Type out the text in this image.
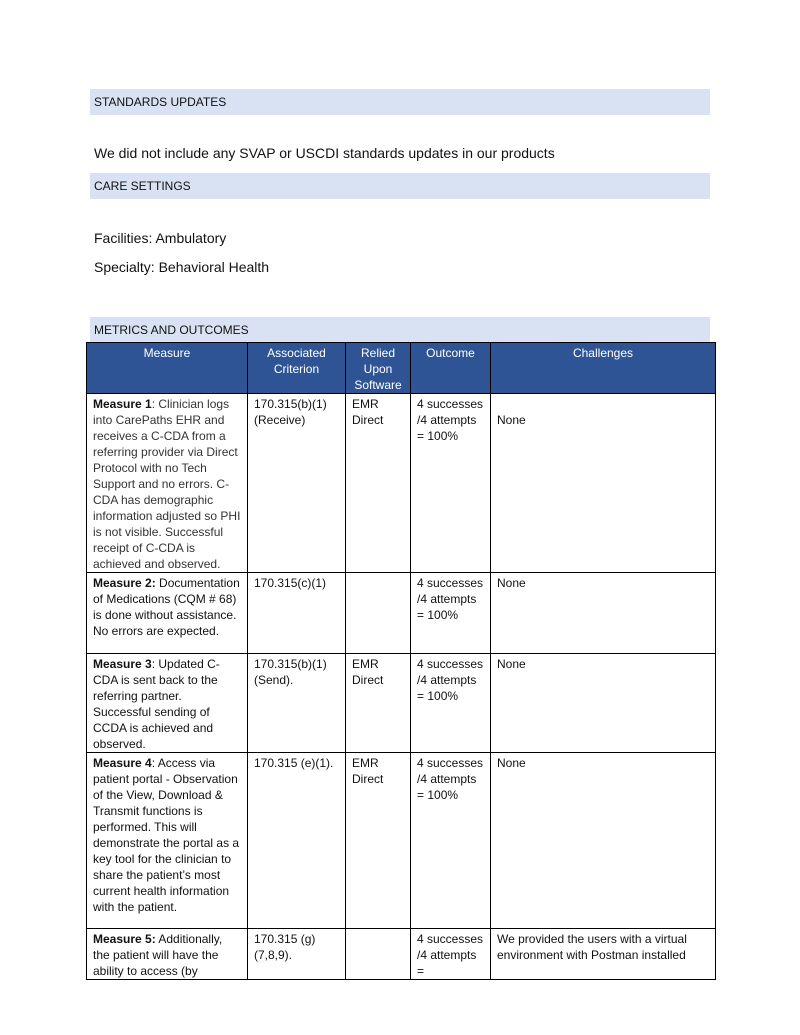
STANDARDS UPDATES
We did not include any SVAP or USCDI standards updates in our products
CARE SETTINGS
Facilities: Ambulatory
Specialty: Behavioral Health
METRICS AND OUTCOMES
Measure	Associated Criterion	Relied Upon Software	Outcome	Challenges
Measure 1: Clinician logs into CarePaths EHR and receives a C-CDA from a referring provider via Direct Protocol with no Tech Support and no errors. C-CDA has demographic information adjusted so PHI is not visible. Successful receipt of C-CDA is achieved and observed.	170.315(b)(1) (Receive)	EMR Direct	4 successes /4 attempts = 100%	None
Measure 2: Documentation of Medications (CQM # 68) is done without assistance. No errors are expected.	170.315(c)(1)		4 successes /4 attempts = 100%	None
Measure 3: Updated C-CDA is sent back to the referring partner. Successful sending of CCDA is achieved and observed.	170.315(b)(1) (Send).	EMR Direct	4 successes /4 attempts = 100%	None
Measure 4: Access via patient portal - Observation of the View, Download & Transmit functions is performed. This will demonstrate the portal as a key tool for the clinician to share the patient’s most current health information with the patient.	170.315 (e)(1).	EMR Direct	4 successes /4 attempts = 100%	None
Measure 5: Additionally, the patient will have the ability to access (by	170.315 (g)(7,8,9).		4 successes /4 attempts =	We provided the users with a virtual environment with Postman installed
